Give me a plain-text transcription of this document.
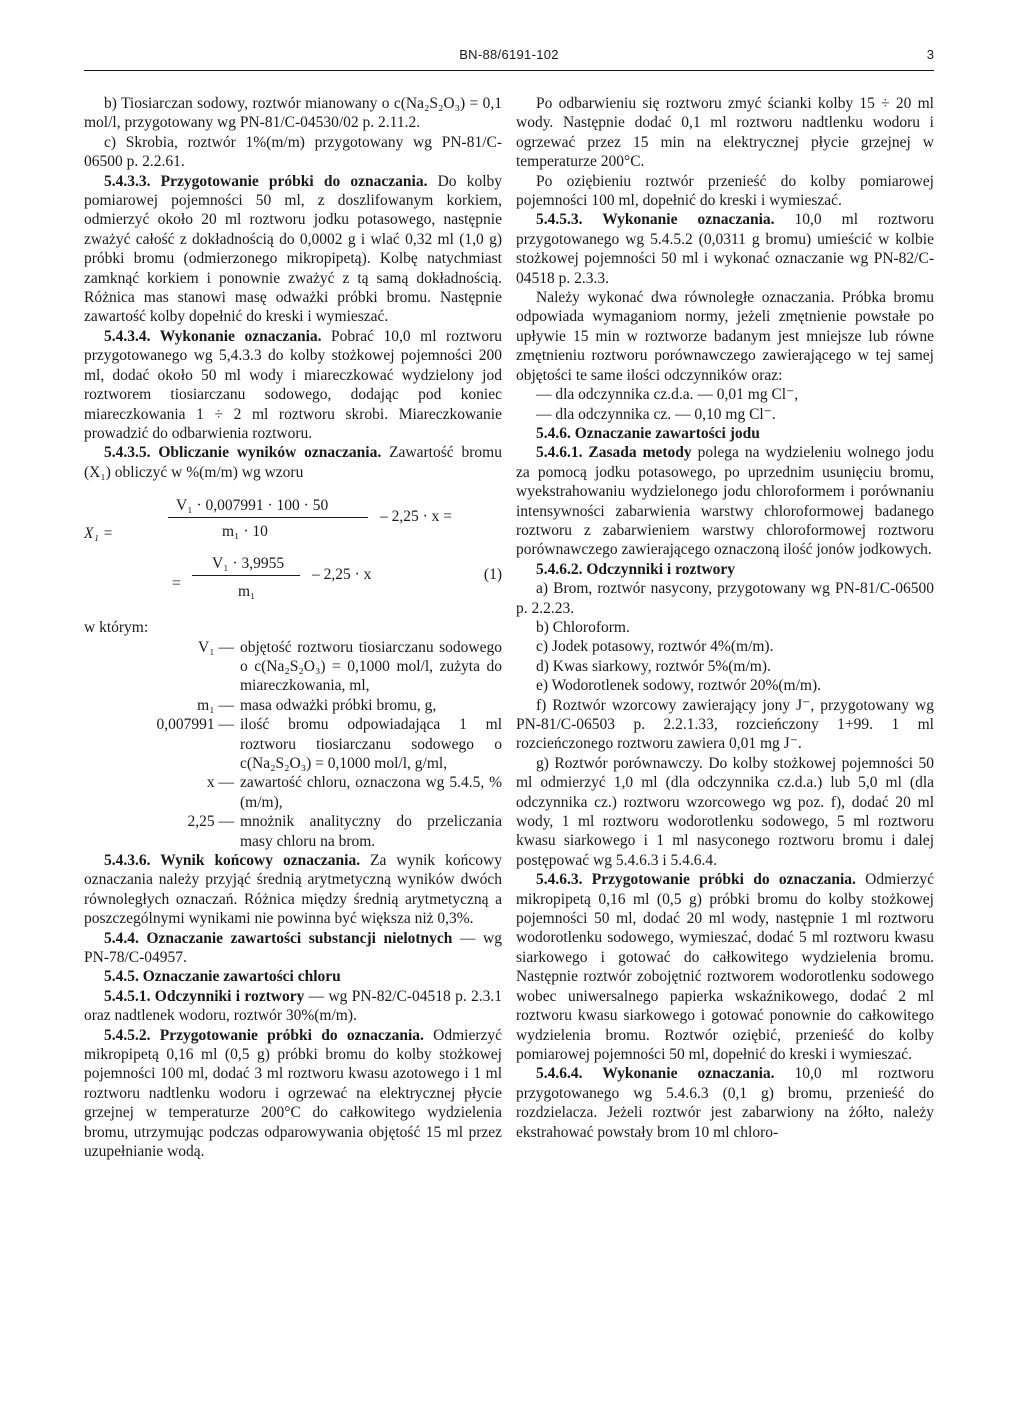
BN-88/6191-102	3

b) Tiosiarczan sodowy, roztwór mianowany o c(Na₂S₂O₃) = 0,1 mol/l, przygotowany wg PN-81/C-04530/02 p. 2.11.2.

c) Skrobia, roztwór 1%(m/m) przygotowany wg PN-81/C-06500 p. 2.2.61.

5.4.3.3. Przygotowanie próbki do oznaczania. Do kolby pomiarowej pojemności 50 ml, z doszlifowanym korkiem, odmierzyć około 20 ml roztworu jodku potasowego, następnie zważyć całość z dokładnością do 0,0002 g i wlać 0,32 ml (1,0 g) próbki bromu (odmierzonego mikropipetą). Kolbę natychmiast zamknąć korkiem i ponownie zważyć z tą samą dokładnością. Różnica mas stanowi masę odważki próbki bromu. Następnie zawartość kolby dopełnić do kreski i wymieszać.

5.4.3.4. Wykonanie oznaczania. Pobrać 10,0 ml roztworu przygotowanego wg 5,4.3.3 do kolby stożkowej pojemności 200 ml, dodać około 50 ml wody i miareczkować wydzielony jod roztworem tiosiarczanu sodowego, dodając pod koniec miareczkowania 1 ÷ 2 ml roztworu skrobi. Miareczkowanie prowadzić do odbarwienia roztworu.

5.4.3.5. Obliczanie wyników oznaczania. Zawartość bromu (X₁) obliczyć w %(m/m) wg wzoru

X₁ =
V₁ · 0,007991 · 100 · 50
m₁ · 10
– 2,25 · x =
=
V₁ · 3,9955
m₁
– 2,25 · x	(1)

w którym:

V₁ — objętość roztworu tiosiarczanu sodowego o c(Na₂S₂O₃) = 0,1000 mol/l, zużyta do miareczkowania, ml,
m₁ — masa odważki próbki bromu, g,
0,007991 — ilość bromu odpowiadająca 1 ml roztworu tiosiarczanu sodowego o c(Na₂S₂O₃) = 0,1000 mol/l, g/ml,
x — zawartość chloru, oznaczona wg 5.4.5, %(m/m),
2,25 — mnożnik analityczny do przeliczania masy chloru na brom.

5.4.3.6. Wynik końcowy oznaczania. Za wynik końcowy oznaczania należy przyjąć średnią arytmetyczną wyników dwóch równoległych oznaczań. Różnica między średnią arytmetyczną a poszczególnymi wynikami nie powinna być większa niż 0,3%.

5.4.4. Oznaczanie zawartości substancji nielotnych — wg PN-78/C-04957.

5.4.5. Oznaczanie zawartości chloru

5.4.5.1. Odczynniki i roztwory — wg PN-82/C-04518 p. 2.3.1 oraz nadtlenek wodoru, roztwór 30%(m/m).

5.4.5.2. Przygotowanie próbki do oznaczania. Odmierzyć mikropipetą 0,16 ml (0,5 g) próbki bromu do kolby stożkowej pojemności 100 ml, dodać 3 ml roztworu kwasu azotowego i 1 ml roztworu nadtlenku wodoru i ogrzewać na elektrycznej płycie grzejnej w temperaturze 200°C do całkowitego wydzielenia bromu, utrzymując podczas odparowywania objętość 15 ml przez uzupełnianie wodą.

Po odbarwieniu się roztworu zmyć ścianki kolby 15 ÷ 20 ml wody. Następnie dodać 0,1 ml roztworu nadtlenku wodoru i ogrzewać przez 15 min na elektrycznej płycie grzejnej w temperaturze 200°C.

Po oziębieniu roztwór przenieść do kolby pomiarowej pojemności 100 ml, dopełnić do kreski i wymieszać.

5.4.5.3. Wykonanie oznaczania. 10,0 ml roztworu przygotowanego wg 5.4.5.2 (0,0311 g bromu) umieścić w kolbie stożkowej pojemności 50 ml i wykonać oznaczanie wg PN-82/C-04518 p. 2.3.3.

Należy wykonać dwa równoległe oznaczania. Próbka bromu odpowiada wymaganiom normy, jeżeli zmętnienie powstałe po upływie 15 min w roztworze badanym jest mniejsze lub równe zmętnieniu roztworu porównawczego zawierającego w tej samej objętości te same ilości odczynników oraz:

— dla odczynnika cz.d.a. — 0,01 mg Cl⁻,

— dla odczynnika cz. — 0,10 mg Cl⁻.

5.4.6. Oznaczanie zawartości jodu

5.4.6.1. Zasada metody polega na wydzieleniu wolnego jodu za pomocą jodku potasowego, po uprzednim usunięciu bromu, wyekstrahowaniu wydzielonego jodu chloroformem i porównaniu intensywności zabarwienia warstwy chloroformowej badanego roztworu z zabarwieniem warstwy chloroformowej roztworu porównawczego zawierającego oznaczoną ilość jonów jodkowych.

5.4.6.2. Odczynniki i roztwory

a) Brom, roztwór nasycony, przygotowany wg PN-81/C-06500 p. 2.2.23.

b) Chloroform.

c) Jodek potasowy, roztwór 4%(m/m).

d) Kwas siarkowy, roztwór 5%(m/m).

e) Wodorotlenek sodowy, roztwór 20%(m/m).

f) Roztwór wzorcowy zawierający jony J⁻, przygotowany wg PN-81/C-06503 p. 2.2.1.33, rozcieńczony 1+99. 1 ml rozcieńczonego roztworu zawiera 0,01 mg J⁻.

g) Roztwór porównawczy. Do kolby stożkowej pojemności 50 ml odmierzyć 1,0 ml (dla odczynnika cz.d.a.) lub 5,0 ml (dla odczynnika cz.) roztworu wzorcowego wg poz. f), dodać 20 ml wody, 1 ml roztworu wodorotlenku sodowego, 5 ml roztworu kwasu siarkowego i 1 ml nasyconego roztworu bromu i dalej postępować wg 5.4.6.3 i 5.4.6.4.

5.4.6.3. Przygotowanie próbki do oznaczania. Odmierzyć mikropipetą 0,16 ml (0,5 g) próbki bromu do kolby stożkowej pojemności 50 ml, dodać 20 ml wody, następnie 1 ml roztworu wodorotlenku sodowego, wymieszać, dodać 5 ml roztworu kwasu siarkowego i gotować do całkowitego wydzielenia bromu. Następnie roztwór zobojętnić roztworem wodorotlenku sodowego wobec uniwersalnego papierka wskaźnikowego, dodać 2 ml roztworu kwasu siarkowego i gotować ponownie do całkowitego wydzielenia bromu. Roztwór oziębić, przenieść do kolby pomiarowej pojemności 50 ml, dopełnić do kreski i wymieszać.

5.4.6.4. Wykonanie oznaczania. 10,0 ml roztworu przygotowanego wg 5.4.6.3 (0,1 g) bromu, przenieść do rozdzielacza. Jeżeli roztwór jest zabarwiony na żółto, należy ekstrahować powstały brom 10 ml chloro-
